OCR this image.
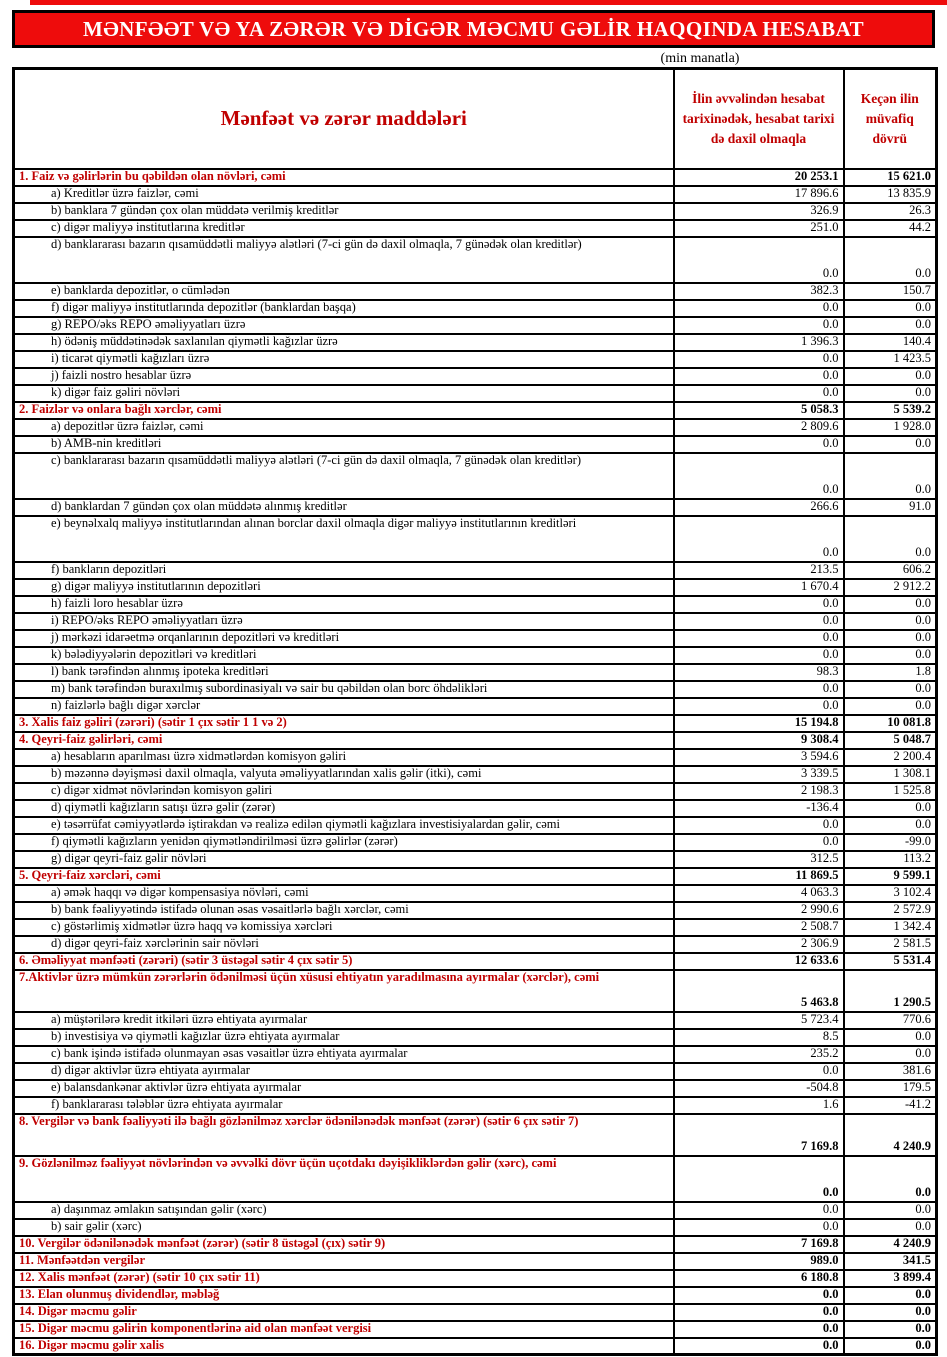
MƏNFƏƏT VƏ YA ZƏRƏR VƏ DİGƏR MƏCMU GƏLİR HAQQINDA HESABAT
(min manatla)
Mənfəət və zərər maddələri	İlin əvvəlindən hesabat tarixinədək, hesabat tarixi də daxil olmaqla	Keçən ilin müvafiq dövrü
1. Faiz və gəlirlərin bu qəbildən olan növləri, cəmi	20 253.1	15 621.0
a) Kreditlər üzrə faizlər, cəmi	17 896.6	13 835.9
b) banklara 7 gündən çox olan müddətə verilmiş kreditlər	326.9	26.3
c) digər maliyyə institutlarına kreditlər	251.0	44.2
d) banklararası bazarın qısamüddətli maliyyə alətləri (7-ci gün də daxil olmaqla, 7 günədək olan kreditlər)	0.0	0.0
e) banklarda depozitlər, o cümlədən	382.3	150.7
f) digər maliyyə institutlarında depozitlər (banklardan başqa)	0.0	0.0
g) REPO/əks REPO əməliyyatları üzrə	0.0	0.0
h) ödəniş müddətinədək saxlanılan qiymətli kağızlar üzrə	1 396.3	140.4
i) ticarət qiymətli kağızları üzrə	0.0	1 423.5
j) faizli nostro hesablar üzrə	0.0	0.0
k) digər faiz gəliri növləri	0.0	0.0
2. Faizlər və onlara bağlı xərclər, cəmi	5 058.3	5 539.2
a) depozitlər üzrə faizlər, cəmi	2 809.6	1 928.0
b) AMB-nin kreditləri	0.0	0.0
c) banklararası bazarın qısamüddətli maliyyə alətləri (7-ci gün də daxil olmaqla, 7 günədək olan kreditlər)	0.0	0.0
d) banklardan 7 gündən çox olan müddətə alınmış kreditlər	266.6	91.0
e) beynəlxalq maliyyə institutlarından alınan borclar daxil olmaqla digər maliyyə institutlarının kreditləri	0.0	0.0
f) bankların depozitləri	213.5	606.2
g) digər maliyyə institutlarının depozitləri	1 670.4	2 912.2
h) faizli loro hesablar üzrə	0.0	0.0
i) REPO/əks REPO əməliyyatları üzrə	0.0	0.0
j) mərkəzi idarəetmə orqanlarının depozitləri və kreditləri	0.0	0.0
k) bələdiyyələrin depozitləri və kreditləri	0.0	0.0
l) bank tərəfindən alınmış ipoteka kreditləri	98.3	1.8
m) bank tərəfindən buraxılmış subordinasiyalı və sair bu qəbildən olan borc öhdəlikləri	0.0	0.0
n) faizlərlə bağlı digər xərclər	0.0	0.0
3. Xalis faiz gəliri (zərəri) (sətir 1 çıx sətir 1 1 və 2)	15 194.8	10 081.8
4. Qeyri-faiz gəlirləri, cəmi	9 308.4	5 048.7
a) hesabların aparılması üzrə xidmətlərdən komisyon gəliri	3 594.6	2 200.4
b) məzənnə dəyişməsi daxil olmaqla, valyuta əməliyyatlarından xalis gəlir (itki), cəmi	3 339.5	1 308.1
c) digər xidmət növlərindən komisyon gəliri	2 198.3	1 525.8
d) qiymətli kağızların satışı üzrə gəlir (zərər)	-136.4	0.0
e) təsərrüfat cəmiyyətlərdə iştirakdan və realizə edilən qiymətli kağızlara investisiyalardan gəlir, cəmi	0.0	0.0
f) qiymətli kağızların yenidən qiymətləndirilməsi üzrə gəlirlər (zərər)	0.0	-99.0
g) digər qeyri-faiz gəlir növləri	312.5	113.2
5. Qeyri-faiz xərcləri, cəmi	11 869.5	9 599.1
a) əmək haqqı və digər kompensasiya növləri, cəmi	4 063.3	3 102.4
b) bank fəaliyyətində istifadə olunan əsas vəsaitlərlə bağlı xərclər, cəmi	2 990.6	2 572.9
c) göstərlimiş xidmətlər üzrə haqq və komissiya xərcləri	2 508.7	1 342.4
d) digər qeyri-faiz xərclərinin sair növləri	2 306.9	2 581.5
6. Əməliyyat mənfəəti (zərəri) (sətir 3 üstəgəl sətir 4 çıx sətir 5)	12 633.6	5 531.4
7.Aktivlər üzrə mümkün zərərlərin ödənilməsi üçün xüsusi ehtiyatın yaradılmasına ayırmalar (xərclər), cəmi	5 463.8	1 290.5
a) müştərilərə kredit itkiləri üzrə ehtiyata ayırmalar	5 723.4	770.6
b) investisiya və qiymətli kağızlar üzrə ehtiyata ayırmalar	8.5	0.0
c) bank işində istifadə olunmayan əsas vəsaitlər üzrə ehtiyata ayırmalar	235.2	0.0
d) digər aktivlər üzrə ehtiyata ayırmalar	0.0	381.6
e) balansdankənar aktivlər üzrə ehtiyata ayırmalar	-504.8	179.5
f) banklararası tələblər üzrə ehtiyata ayırmalar	1.6	-41.2
8. Vergilər və bank fəaliyyəti ilə bağlı gözlənilməz xərclər ödənilənədək mənfəət (zərər) (sətir 6 çıx sətir 7)	7 169.8	4 240.9
9. Gözlənilməz fəaliyyət növlərindən və əvvəlki dövr üçün uçotdakı dəyişikliklərdən gəlir (xərc), cəmi	0.0	0.0
a) daşınmaz əmlakın satışından gəlir (xərc)	0.0	0.0
b) sair gəlir (xərc)	0.0	0.0
10. Vergilər ödənilənədək mənfəət (zərər) (sətir 8 üstəgəl (çıx) sətir 9)	7 169.8	4 240.9
11. Mənfəətdən vergilər	989.0	341.5
12. Xalis mənfəət (zərər) (sətir 10 çıx sətir 11)	6 180.8	3 899.4
13. Elan olunmuş dividendlər, məbləğ	0.0	0.0
14. Digər məcmu gəlir	0.0	0.0
15. Digər məcmu gəlirin komponentlərinə aid olan mənfəət vergisi	0.0	0.0
16. Digər məcmu gəlir xalis	0.0	0.0
